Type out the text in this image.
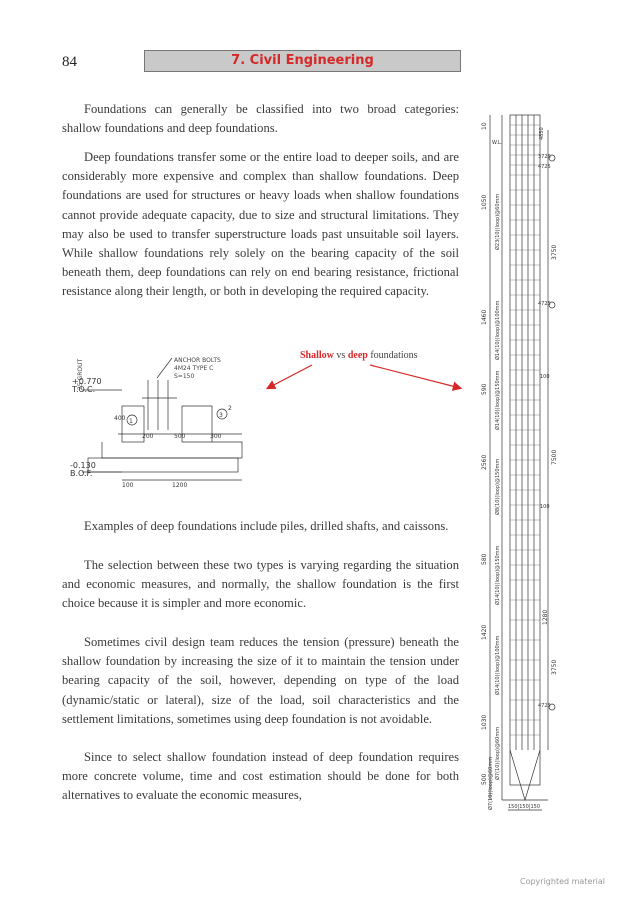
84	7. Civil Engineering

Foundations can generally be classified into two broad categories: shallow foundations and deep foundations.

Deep foundations transfer some or the entire load to deeper soils, and are considerably more expensive and complex than shallow foundations. Deep foundations are used for structures or heavy loads when shallow foundations cannot provide adequate capacity, due to size and structural limitations. They may also be used to transfer superstructure loads past unsuitable soil layers. While shallow foundations rely solely on the bearing capacity of the soil beneath them, deep foundations can rely on end bearing resistance, frictional resistance along their length, or both in developing the required capacity.

Shallow vs deep foundations
ANCHOR BOLTS
4M24 TYPE C
S=150
25 GROUT
+0.770
T.O.C.
-0.130
B.O.F.
200	500	300
400
100	1200
1
3
2

Examples of deep foundations include piles, drilled shafts, and caissons.

The selection between these two types is varying regarding the situation and economic measures, and normally, the shallow foundation is the first choice because it is simpler and more economic.

Sometimes civil design team reduces the tension (pressure) beneath the shallow foundation by increasing the size of it to maintain the tension under bearing capacity of the soil, however, depending on type of the load (dynamic/static or lateral), size of the load, soil characteristics and the settlement limitations, sometimes using deep foundation is not avoidable.

Since to select shallow foundation instead of deep foundation requires more concrete volume, time and cost estimation should be done for both alternatives to evaluate the economic measures,

W.L.
10
1050
1460
590
2560
580
1420
1030
500
Ø23(10)(loop)@60mm
Ø14(10)(loop)@100mm
Ø14(10)(loop)@150mm
Ø8(10)(loop)@150mm
Ø14(10)(loop)@150mm
Ø14(10)(loop)@100mm
Ø7(10)(loop)@60mm
Ø7(10)(loop)@60mm
4850
3726
4725
4725
4725
3750
7500
3750
1280
100
100
150|150|150
Copyrighted material
